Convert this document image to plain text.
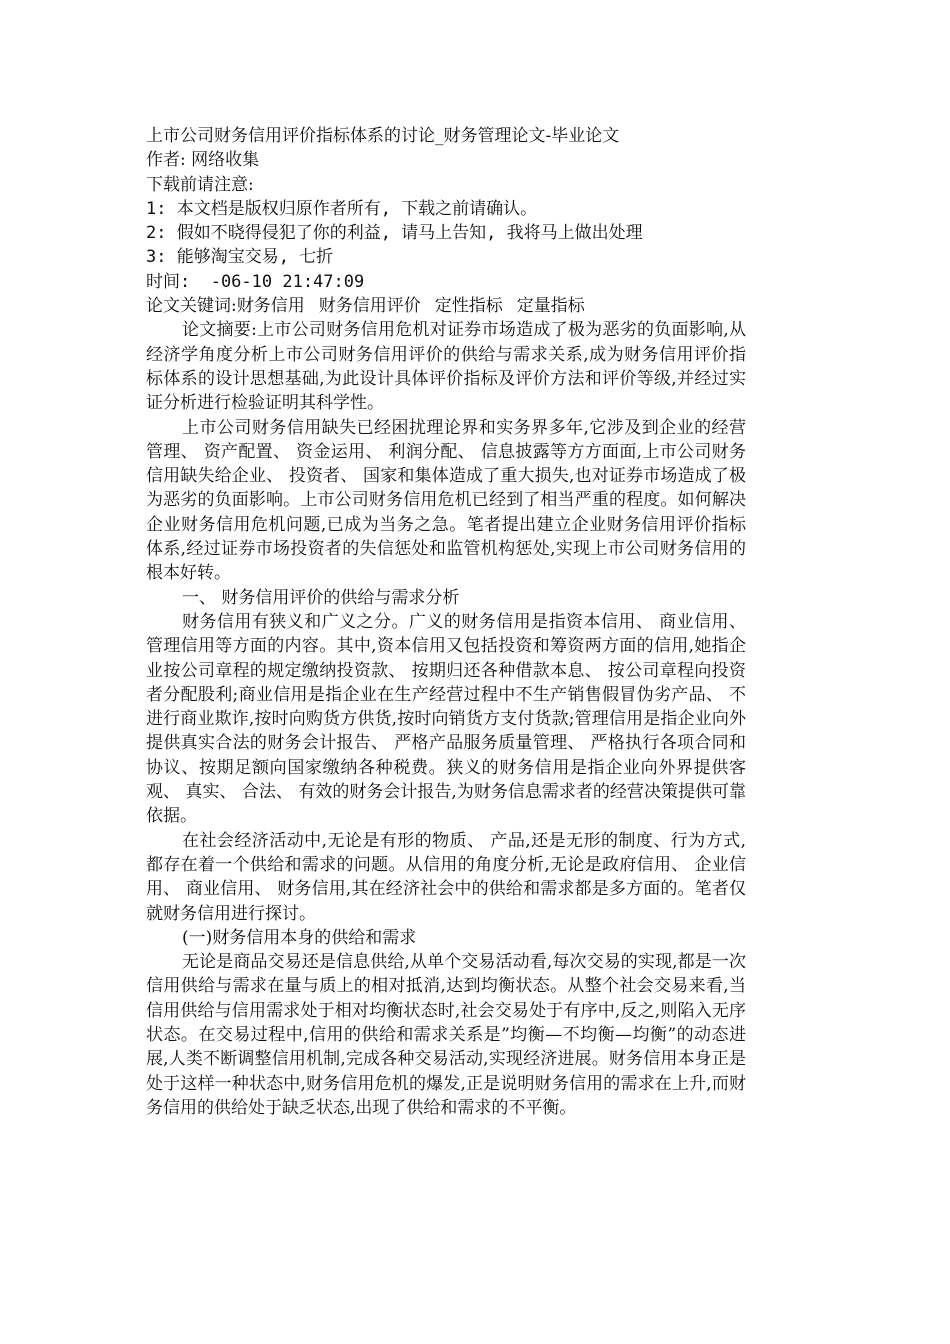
上市公司财务信用评价指标体系的讨论_财务管理论文-毕业论文
作者: 网络收集
下载前请注意:
1: 本文档是版权归原作者所有, 下载之前请确认。
2: 假如不晓得侵犯了你的利益, 请马上告知, 我将马上做出处理
3: 能够淘宝交易, 七折
时间:  -06-10 21:47:09
论文关键词:财务信用 财务信用评价 定性指标 定量指标

论文摘要:上市公司财务信用危机对证券市场造成了极为恶劣的负面影响,从经济学角度分析上市公司财务信用评价的供给与需求关系,成为财务信用评价指标体系的设计思想基础,为此设计具体评价指标及评价方法和评价等级,并经过实证分析进行检验证明其科学性。

上市公司财务信用缺失已经困扰理论界和实务界多年,它涉及到企业的经营管理、 资产配置、 资金运用、 利润分配、 信息披露等方方面面,上市公司财务信用缺失给企业、 投资者、 国家和集体造成了重大损失,也对证券市场造成了极为恶劣的负面影响。上市公司财务信用危机已经到了相当严重的程度。如何解决企业财务信用危机问题,已成为当务之急。笔者提出建立企业财务信用评价指标体系,经过证券市场投资者的失信惩处和监管机构惩处,实现上市公司财务信用的根本好转。

一、 财务信用评价的供给与需求分析

财务信用有狭义和广义之分。广义的财务信用是指资本信用、 商业信用、 管理信用等方面的内容。其中,资本信用又包括投资和筹资两方面的信用,她指企业按公司章程的规定缴纳投资款、 按期归还各种借款本息、 按公司章程向投资者分配股利;商业信用是指企业在生产经营过程中不生产销售假冒伪劣产品、 不进行商业欺诈,按时向购货方供货,按时向销货方支付货款;管理信用是指企业向外提供真实合法的财务会计报告、 严格产品服务质量管理、 严格执行各项合同和协议、按期足额向国家缴纳各种税费。狭义的财务信用是指企业向外界提供客观、 真实、 合法、 有效的财务会计报告,为财务信息需求者的经营决策提供可靠依据。

在社会经济活动中,无论是有形的物质、 产品,还是无形的制度、行为方式,都存在着一个供给和需求的问题。从信用的角度分析,无论是政府信用、 企业信用、 商业信用、 财务信用,其在经济社会中的供给和需求都是多方面的。笔者仅就财务信用进行探讨。

(一)财务信用本身的供给和需求

无论是商品交易还是信息供给,从单个交易活动看,每次交易的实现,都是一次信用供给与需求在量与质上的相对抵消,达到均衡状态。从整个社会交易来看,当信用供给与信用需求处于相对均衡状态时,社会交易处于有序中,反之,则陷入无序状态。在交易过程中,信用的供给和需求关系是”均衡—不均衡—均衡”的动态进展,人类不断调整信用机制,完成各种交易活动,实现经济进展。财务信用本身正是处于这样一种状态中,财务信用危机的爆发,正是说明财务信用的需求在上升,而财务信用的供给处于缺乏状态,出现了供给和需求的不平衡。
